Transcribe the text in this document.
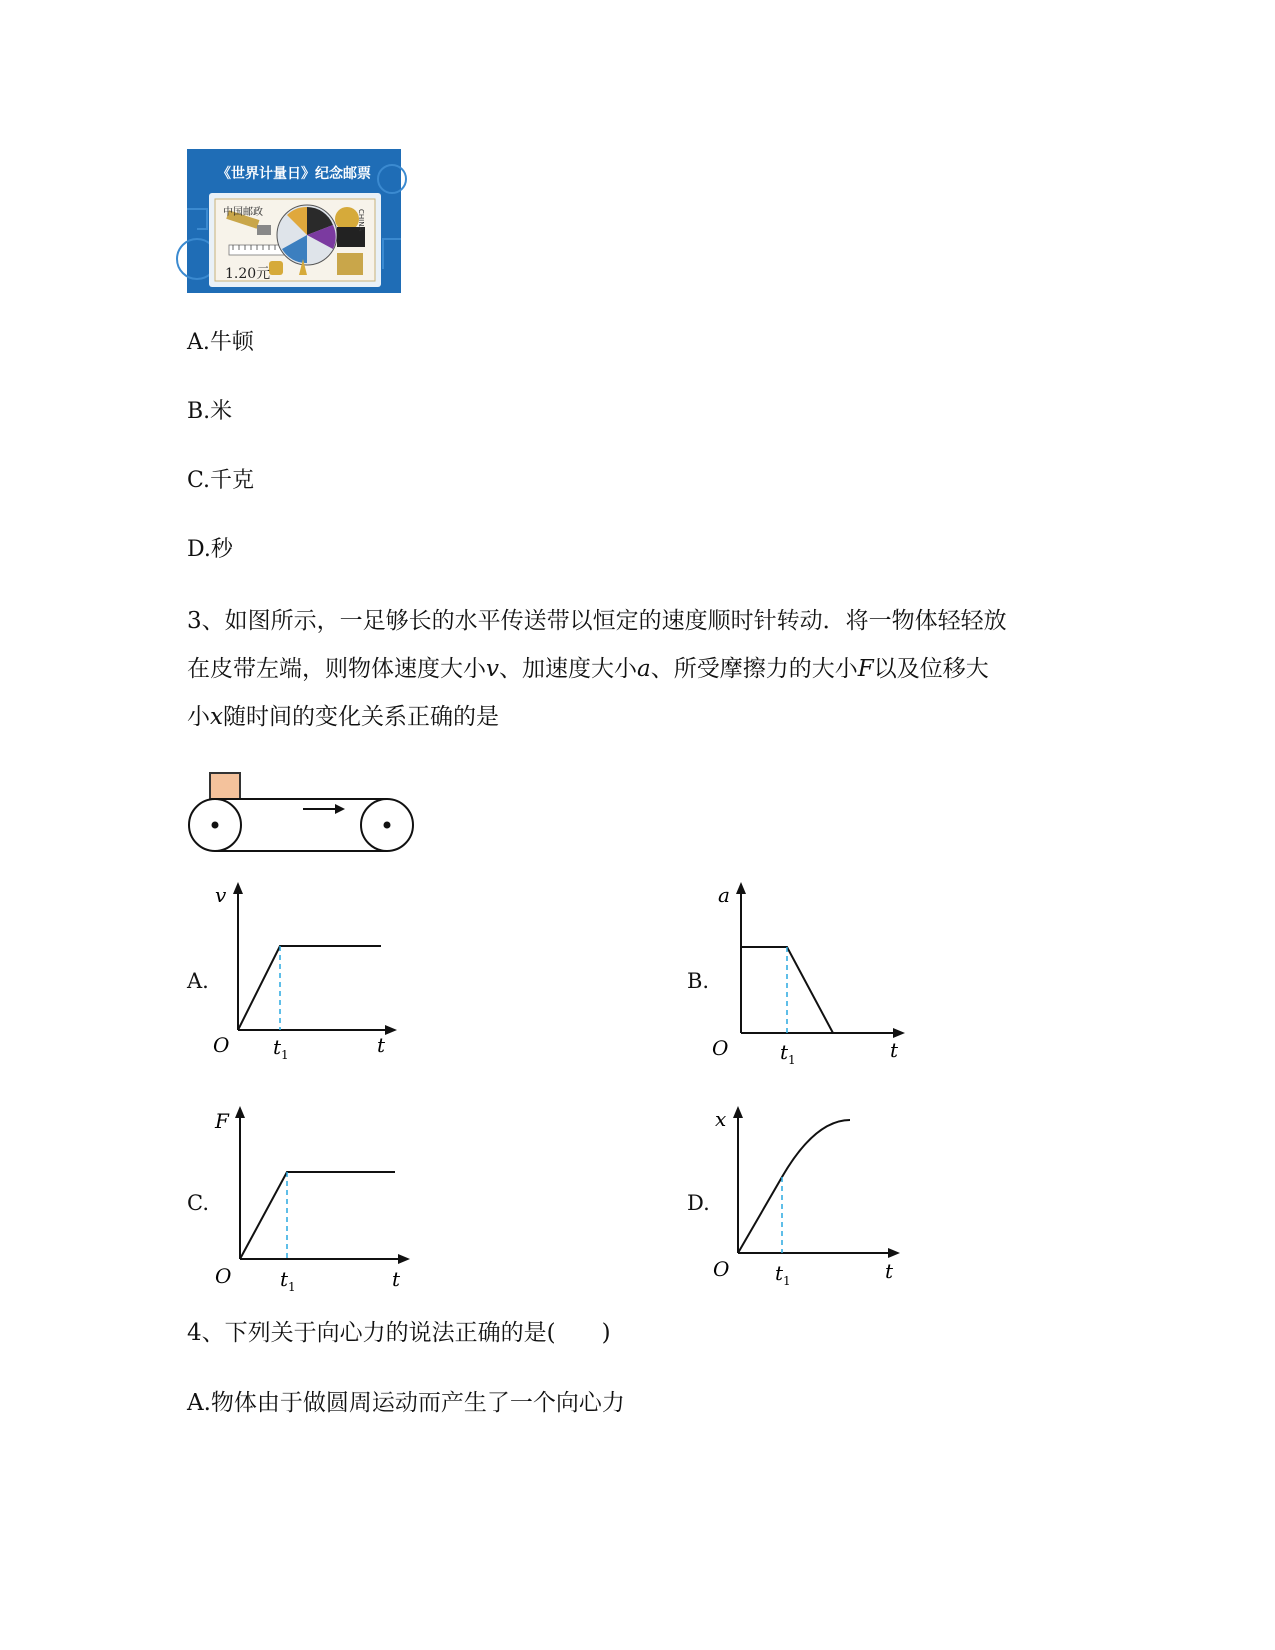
《世界计量日》纪念邮票
中国邮政	CHINA
1.20元
A.牛顿
B.米
C.千克
D.秒
3、如图所示，一足够长的水平传送带以恒定的速度顺时针转动．将一物体轻轻放
在皮带左端，则物体速度大小v、加速度大小a、所受摩擦力的大小F以及位移大
小x随时间的变化关系正确的是
A.
v
O $t_1$	t
B.
a
O	$t_1$	t
C.
F
O $t_1$	t
D.
x
O $t_1$	t
4、下列关于向心力的说法正确的是(　　)
A.物体由于做圆周运动而产生了一个向心力
